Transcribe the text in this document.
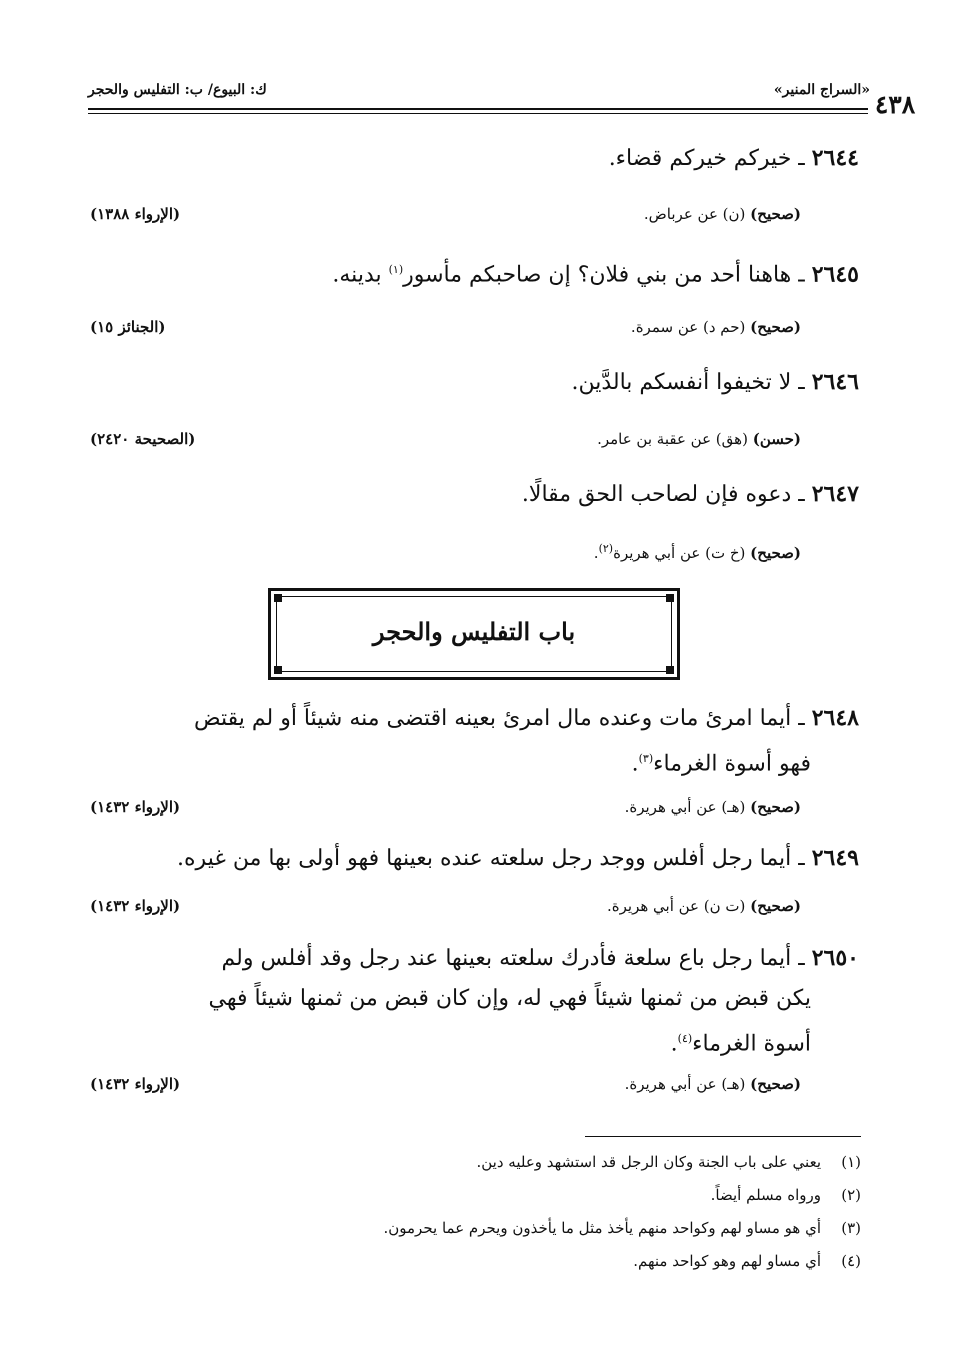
٤٣٨
«السراج المنير»
ك: البيوع/ ب: التفليس والحجر
٢٦٤٤ ـ خيركم خيركم قضاء.
(صحيح) (ن) عن عرباض.
(الإرواء ١٣٨٨)
٢٦٤٥ ـ هاهنا أحد من بني فلان؟ إن صاحبكم مأسور$^{(١)}$ بدينه.
(صحيح) (حم د) عن سمرة.
(الجنائز ١٥)
٢٦٤٦ ـ لا تخيفوا أنفسكم بالدَّين.
(حسن) (هق) عن عقبة بن عامر.
(الصحيحة ٢٤٢٠)
٢٦٤٧ ـ دعوه فإن لصاحب الحق مقالًا.
(صحيح) (خ ت) عن أبي هريرة$^{(٢)}$.
باب التفليس والحجر
٢٦٤٨ ـ أيما امرئ مات وعنده مال امرئ بعينه اقتضى منه شيئاً أو لم يقتض
فهو أسوة الغرماء$^{(٣)}$.
(صحيح) (هـ) عن أبي هريرة.
(الإرواء ١٤٣٢)
٢٦٤٩ ـ أيما رجل أفلس ووجد رجل سلعته عنده بعينها فهو أولى بها من غيره.
(صحيح) (ت ن) عن أبي هريرة.
(الإرواء ١٤٣٢)
٢٦٥٠ ـ أيما رجل باع سلعة فأدرك سلعته بعينها عند رجل وقد أفلس ولم
يكن قبض من ثمنها شيئاً فهي له، وإن كان قبض من ثمنها شيئاً فهي
أسوة الغرماء$^{(٤)}$.
(صحيح) (هـ) عن أبي هريرة.
(الإرواء ١٤٣٢)
(١)يعني على باب الجنة وكان الرجل قد استشهد وعليه دين.
(٢)ورواه مسلم أيضاً.
(٣)أي هو مساو لهم وكواحد منهم يأخذ مثل ما يأخذون ويحرم عما يحرمون.
(٤)أي مساو لهم وهو كواحد منهم.
